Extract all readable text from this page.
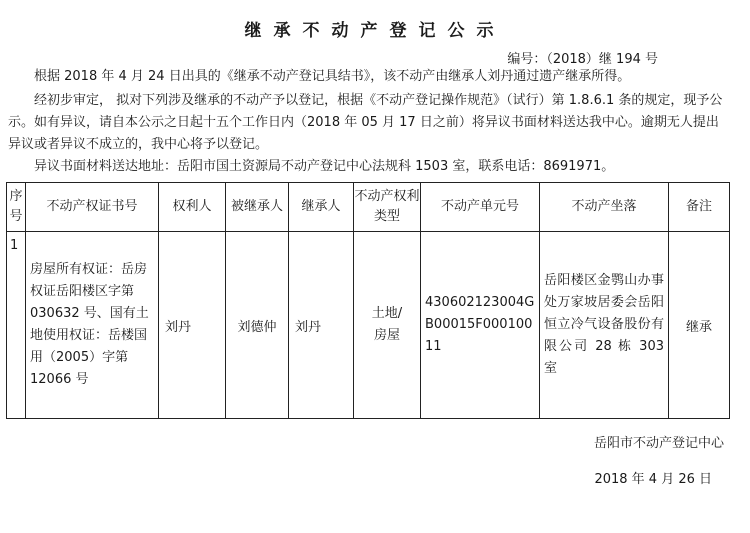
继承不动产登记公示
编号：（2018）继 194 号
根据 2018 年 4 月 24 日出具的《继承不动产登记具结书》，该不动产由继承人刘丹通过遗产继承所得。
经初步审定， 拟对下列涉及继承的不动产予以登记，根据《不动产登记操作规范》（试行）第 1.8.6.1 条的规定，现予公示。如有异议，请自本公示之日起十五个工作日内（2018 年 05 月 17 日之前）将异议书面材料送达我中心。逾期无人提出异议或者异议不成立的，我中心将予以登记。
异议书面材料送达地址：岳阳市国土资源局不动产登记中心法规科 1503 室，联系电话：8691971。
序号	不动产权证书号	权利人	被继承人	继承人	不动产权利类型	不动产单元号	不动产坐落	备注

1	房屋所有权证：岳房权证岳阳楼区字第030632 号、国有土地使用权证：岳楼国用（2005）字第 12066 号	刘丹	刘德仲	刘丹	土地/房屋	430602123004GB00015F00010011	岳阳楼区金鹗山办事处万家坡居委会岳阳恒立冷气设备股份有限公司 28 栋 303 室	继承
岳阳市不动产登记中心
2018 年 4 月 26 日
